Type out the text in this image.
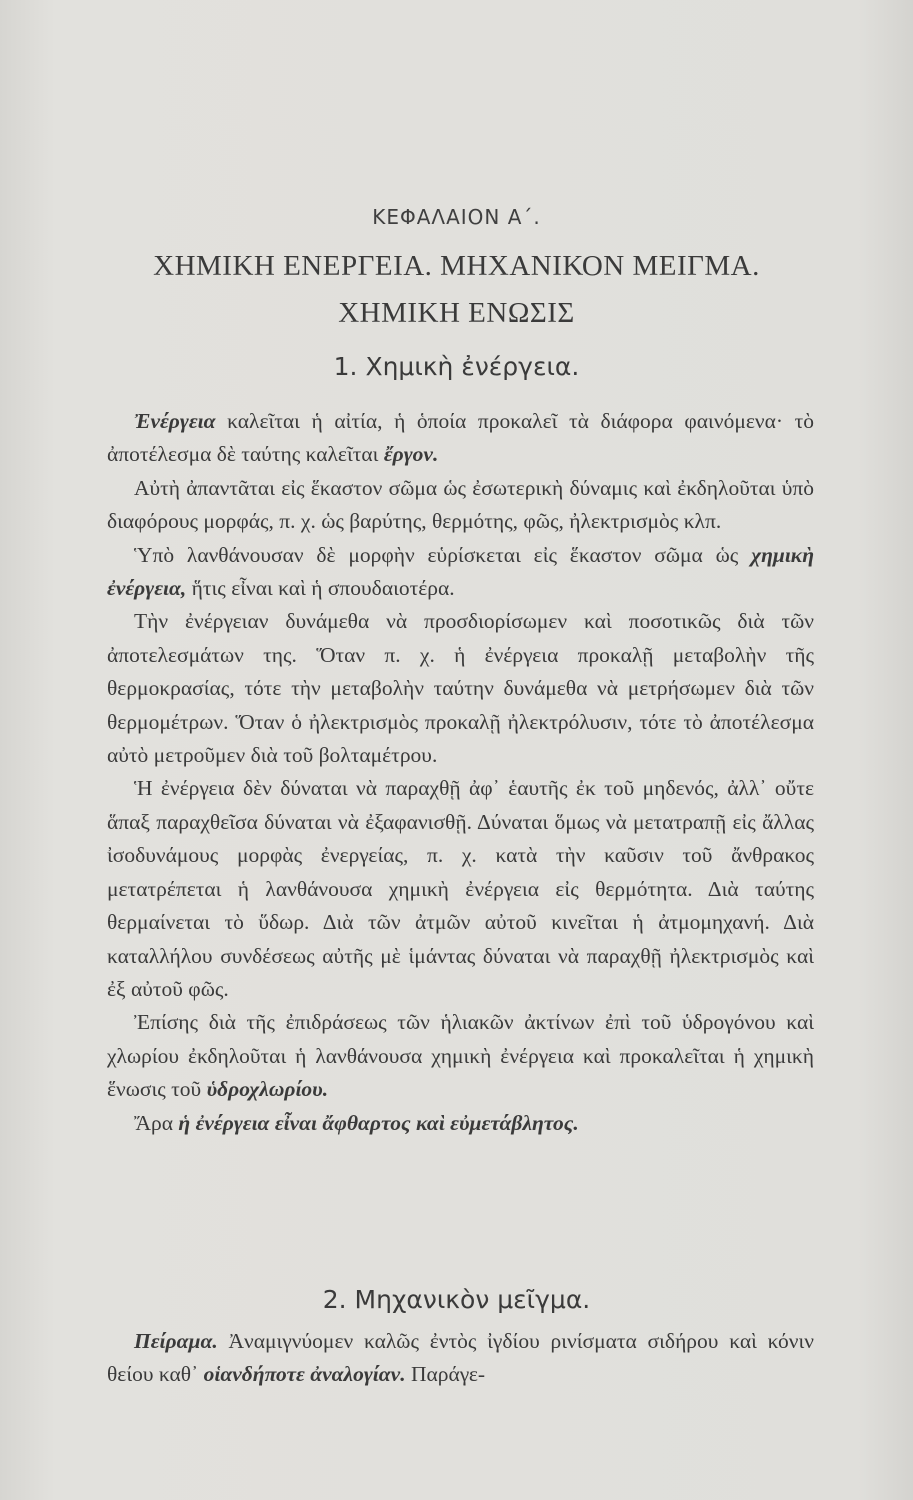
ΚΕΦΑΛΑΙΟΝ Α΄.
ΧΗΜΙΚΗ ΕΝΕΡΓΕΙΑ. ΜΗΧΑΝΙΚΟΝ ΜΕΙΓΜΑ.
ΧΗΜΙΚΗ ΕΝΩΣΙΣ
1. Χημικὴ ἐνέργεια.

Ἐνέργεια καλεῖται ἡ αἰτία, ἡ ὁποία προκαλεῖ τὰ διάφορα φαινόμενα· τὸ ἀποτέλεσμα δὲ ταύτης καλεῖται ἔργον.

Αὐτὴ ἀπαντᾶται εἰς ἕκαστον σῶμα ὡς ἐσωτερικὴ δύναμις καὶ ἐκδηλοῦται ὑπὸ διαφόρους μορφάς, π. χ. ὡς βαρύτης, θερμότης, φῶς, ἠλεκτρισμὸς κλπ.

Ὑπὸ λανθάνουσαν δὲ μορφὴν εὑρίσκεται εἰς ἕκαστον σῶμα ὡς χημικὴ ἐνέργεια, ἥτις εἶναι καὶ ἡ σπουδαιοτέρα.

Τὴν ἐνέργειαν δυνάμεθα νὰ προσδιορίσωμεν καὶ ποσοτικῶς διὰ τῶν ἀποτελεσμάτων της. Ὅταν π. χ. ἡ ἐνέργεια προκαλῇ μεταβολὴν τῆς θερμοκρασίας, τότε τὴν μεταβολὴν ταύτην δυνάμεθα νὰ μετρήσωμεν διὰ τῶν θερμομέτρων. Ὅταν ὁ ἠλεκτρισμὸς προκαλῇ ἠλεκτρόλυσιν, τότε τὸ ἀποτέλεσμα αὐτὸ μετροῦμεν διὰ τοῦ βολταμέτρου.

Ἡ ἐνέργεια δὲν δύναται νὰ παραχθῇ ἀφ᾽ ἑαυτῆς ἐκ τοῦ μηδενός, ἀλλ᾽ οὔτε ἅπαξ παραχθεῖσα δύναται νὰ ἐξαφανισθῇ. Δύναται ὅμως νὰ μετατραπῇ εἰς ἄλλας ἰσοδυνάμους μορφὰς ἐνεργείας, π. χ. κατὰ τὴν καῦσιν τοῦ ἄνθρακος μετατρέπεται ἡ λανθάνουσα χημικὴ ἐνέργεια εἰς θερμότητα. Διὰ ταύτης θερμαίνεται τὸ ὕδωρ. Διὰ τῶν ἀτμῶν αὐτοῦ κινεῖται ἡ ἀτμομηχανή. Διὰ καταλλήλου συνδέσεως αὐτῆς μὲ ἱμάντας δύναται νὰ παραχθῇ ἠλεκτρισμὸς καὶ ἐξ αὐτοῦ φῶς.

Ἐπίσης διὰ τῆς ἐπιδράσεως τῶν ἡλιακῶν ἀκτίνων ἐπὶ τοῦ ὑδρογόνου καὶ χλωρίου ἐκδηλοῦται ἡ λανθάνουσα χημικὴ ἐνέργεια καὶ προκαλεῖται ἡ χημικὴ ἕνωσις τοῦ ὑδροχλωρίου.

Ἄρα ἡ ἐνέργεια εἶναι ἄφθαρτος καὶ εὐμετάβλητος.

2. Μηχανικὸν μεῖγμα.

Πείραμα. Ἀναμιγνύομεν καλῶς ἐντὸς ἰγδίου ρινίσματα σιδήρου καὶ κόνιν θείου καθ᾽ οἱανδήποτε ἀναλογίαν. Παράγε-
